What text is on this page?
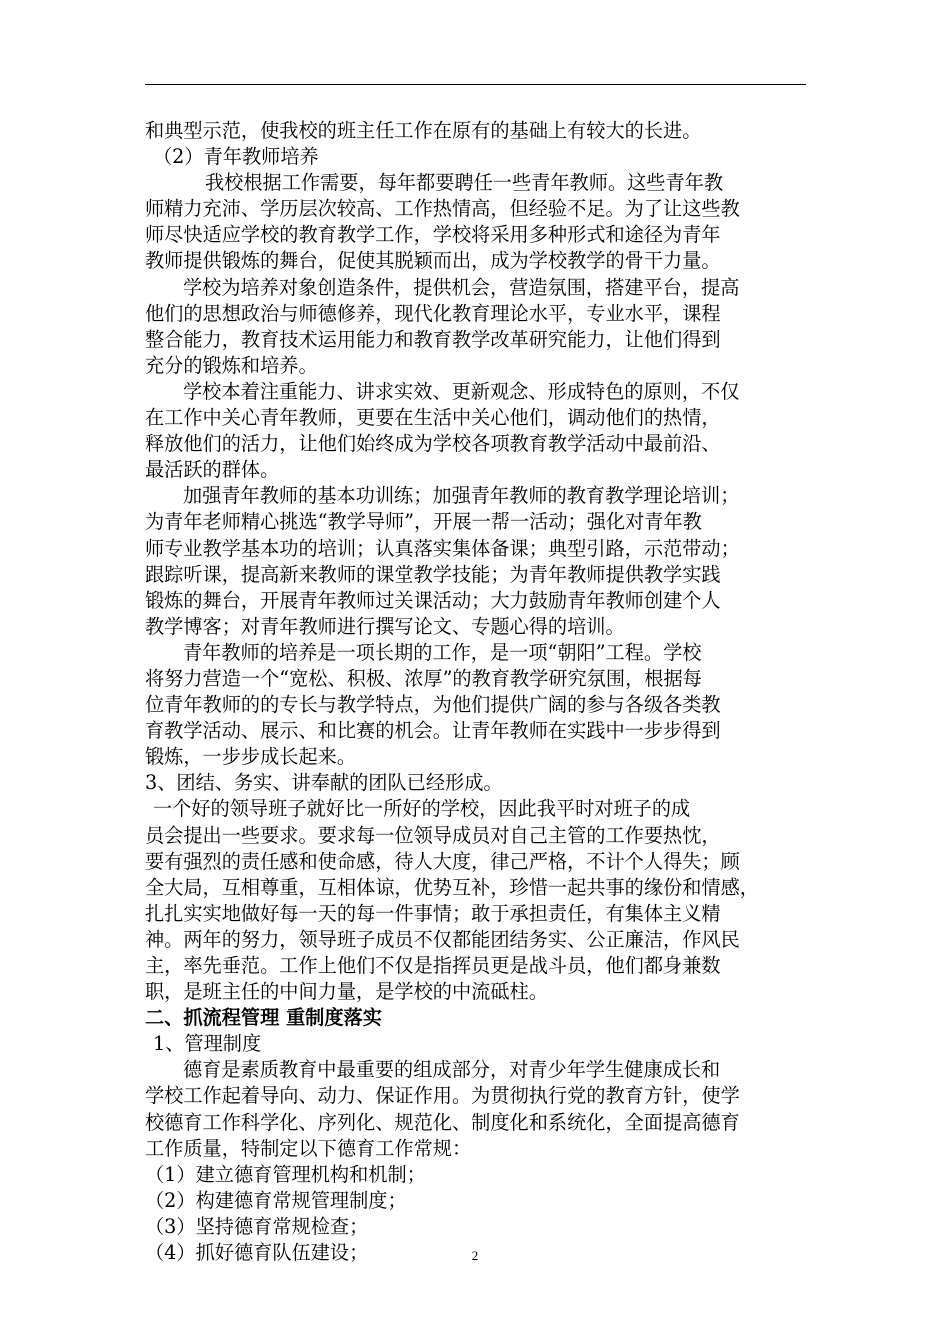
和典型示范，使我校的班主任工作在原有的基础上有较大的长进。
（2）青年教师培养
我校根据工作需要，每年都要聘任一些青年教师。这些青年教
师精力充沛、学历层次较高、工作热情高，但经验不足。为了让这些教
师尽快适应学校的教育教学工作，学校将采用多种形式和途径为青年
教师提供锻炼的舞台，促使其脱颖而出，成为学校教学的骨干力量。
学校为培养对象创造条件，提供机会，营造氛围，搭建平台，提高
他们的思想政治与师德修养，现代化教育理论水平，专业水平，课程
整合能力，教育技术运用能力和教育教学改革研究能力，让他们得到
充分的锻炼和培养。
学校本着注重能力、讲求实效、更新观念、形成特色的原则，不仅
在工作中关心青年教师，更要在生活中关心他们，调动他们的热情，
释放他们的活力，让他们始终成为学校各项教育教学活动中最前沿、
最活跃的群体。
加强青年教师的基本功训练；加强青年教师的教育教学理论培训；
为青年老师精心挑选“教学导师”，开展一帮一活动；强化对青年教
师专业教学基本功的培训；认真落实集体备课；典型引路，示范带动；
跟踪听课，提高新来教师的课堂教学技能；为青年教师提供教学实践
锻炼的舞台，开展青年教师过关课活动；大力鼓励青年教师创建个人
教学博客；对青年教师进行撰写论文、专题心得的培训。
青年教师的培养是一项长期的工作，是一项“朝阳”工程。学校
将努力营造一个“宽松、积极、浓厚”的教育教学研究氛围，根据每
位青年教师的的专长与教学特点，为他们提供广阔的参与各级各类教
育教学活动、展示、和比赛的机会。让青年教师在实践中一步步得到
锻炼，一步步成长起来。
3、团结、务实、讲奉献的团队已经形成。
一个好的领导班子就好比一所好的学校，因此我平时对班子的成
员会提出一些要求。要求每一位领导成员对自己主管的工作要热忱，
要有强烈的责任感和使命感，待人大度，律己严格，不计个人得失；顾
全大局，互相尊重，互相体谅，优势互补，珍惜一起共事的缘份和情感，
扎扎实实地做好每一天的每一件事情；敢于承担责任，有集体主义精
神。两年的努力，领导班子成员不仅都能团结务实、公正廉洁，作风民
主，率先垂范。工作上他们不仅是指挥员更是战斗员，他们都身兼数
职，是班主任的中间力量，是学校的中流砥柱。
二、抓流程管理 重制度落实
1、管理制度
德育是素质教育中最重要的组成部分，对青少年学生健康成长和
学校工作起着导向、动力、保证作用。为贯彻执行党的教育方针，使学
校德育工作科学化、序列化、规范化、制度化和系统化，全面提高德育
工作质量，特制定以下德育工作常规：
（1）建立德育管理机构和机制；
（2）构建德育常规管理制度；
（3）坚持德育常规检查；
（4）抓好德育队伍建设；	2
